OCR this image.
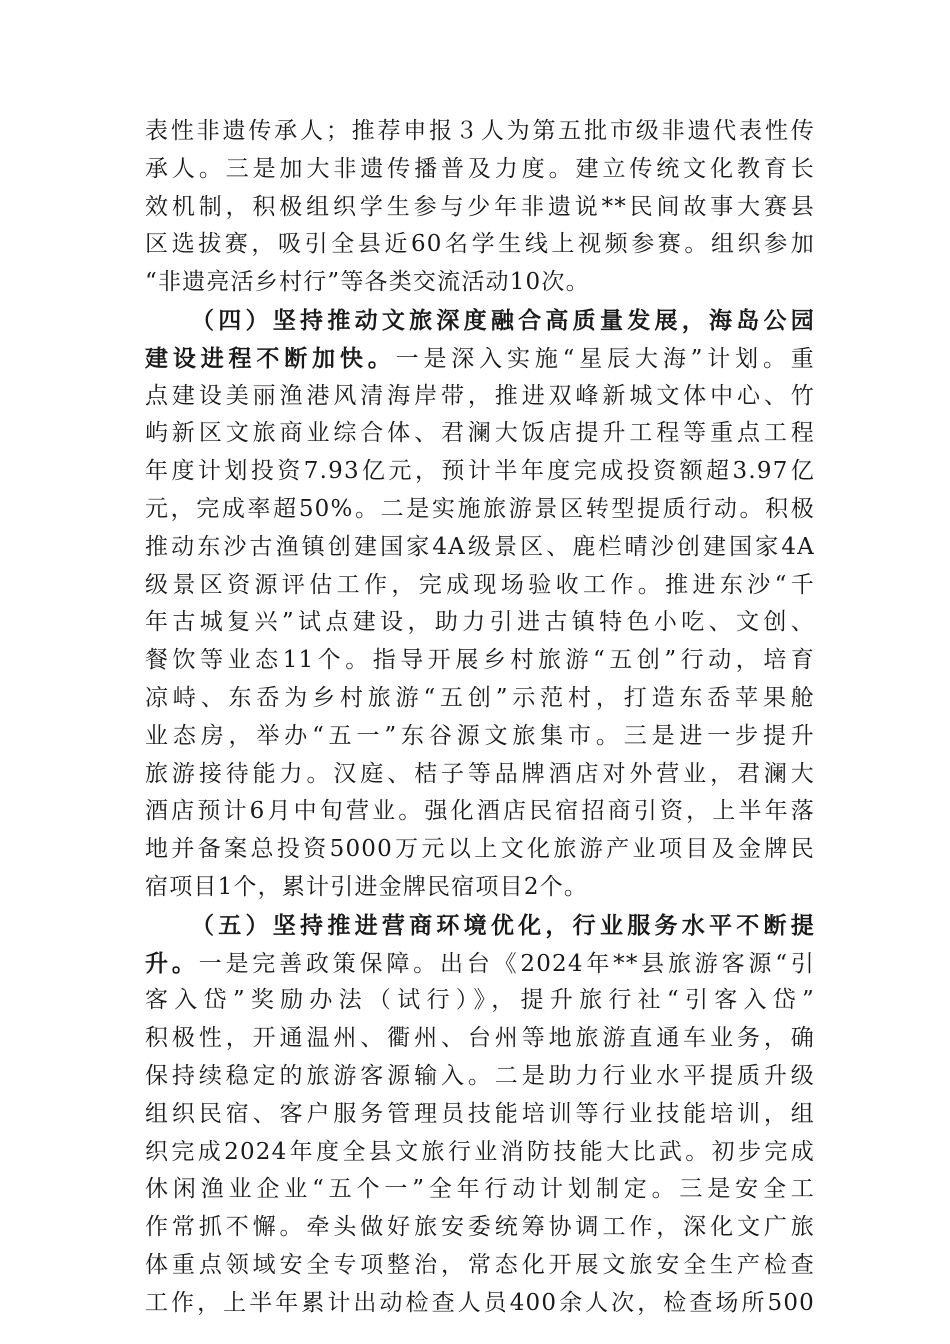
表性非遗传承人；推荐申报３人为第五批市级非遗代表性传
承人。三是加大非遗传播普及力度。建立传统文化教育长
效机制，积极组织学生参与少年非遗说**民间故事大赛县
区选拔赛，吸引全县近60名学生线上视频参赛。组织参加
“非遗亮活乡村行”等各类交流活动10次。
（四）坚持推动文旅深度融合高质量发展，海岛公园
建设进程不断加快。一是深入实施“星辰大海”计划。重
点建设美丽渔港风清海岸带，推进双峰新城文体中心、竹
屿新区文旅商业综合体、君澜大饭店提升工程等重点工程
年度计划投资7.93亿元，预计半年度完成投资额超3.97亿
元，完成率超50%。二是实施旅游景区转型提质行动。积极
推动东沙古渔镇创建国家4A级景区、鹿栏晴沙创建国家4A
级景区资源评估工作，完成现场验收工作。推进东沙“千
年古城复兴”试点建设，助力引进古镇特色小吃、文创、
餐饮等业态11个。指导开展乡村旅游“五创”行动，培育
凉峙、东岙为乡村旅游“五创”示范村，打造东岙苹果舱
业态房，举办“五一”东谷源文旅集市。三是进一步提升
旅游接待能力。汉庭、桔子等品牌酒店对外营业，君澜大
酒店预计6月中旬营业。强化酒店民宿招商引资，上半年落
地并备案总投资5000万元以上文化旅游产业项目及金牌民
宿项目1个，累计引进金牌民宿项目2个。
（五）坚持推进营商环境优化，行业服务水平不断提
升。一是完善政策保障。出台《2024年**县旅游客源“引
客入岱”奖励办法（试行）》，提升旅行社“引客入岱”
积极性，开通温州、衢州、台州等地旅游直通车业务，确
保持续稳定的旅游客源输入。二是助力行业水平提质升级
组织民宿、客户服务管理员技能培训等行业技能培训，组
织完成2024年度全县文旅行业消防技能大比武。初步完成
休闲渔业企业“五个一”全年行动计划制定。三是安全工
作常抓不懈。牵头做好旅安委统筹协调工作，深化文广旅
体重点领域安全专项整治，常态化开展文旅安全生产检查
工作，上半年累计出动检查人员400余人次，检查场所500
